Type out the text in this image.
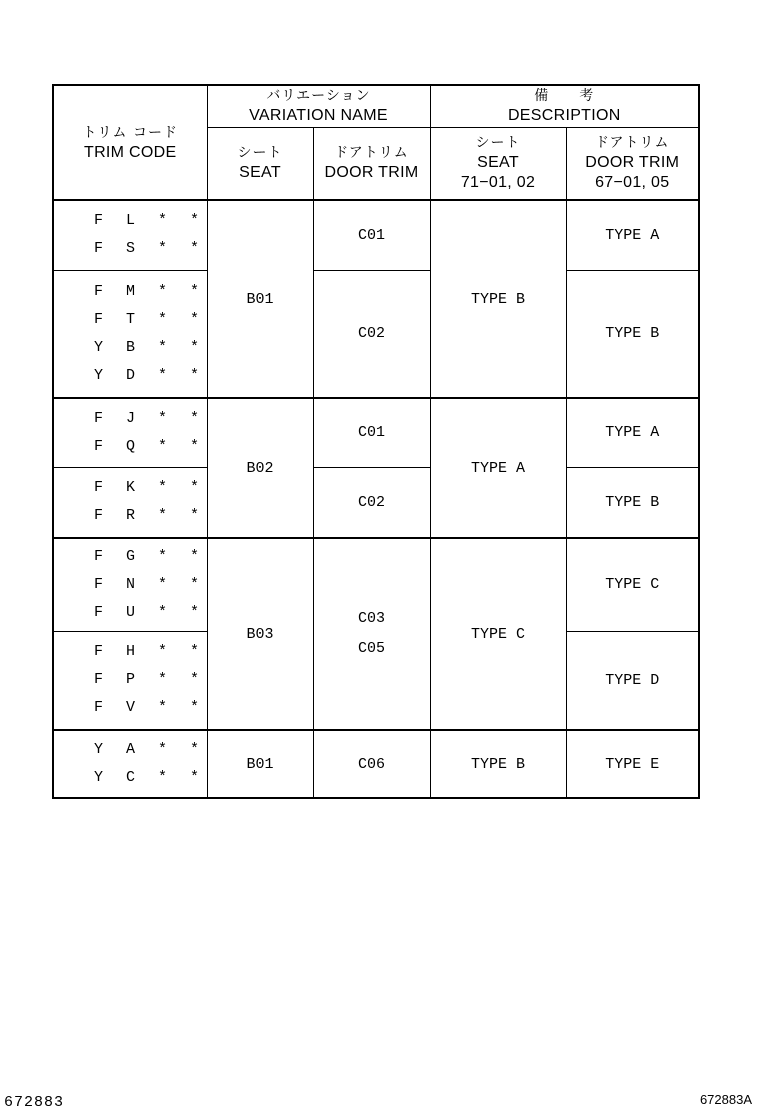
トリム コード
TRIM CODE	バリエーション
VARIATION NAME		備　　考
DESCRIPTION	

	シート
SEAT	ドアトリム
DOOR TRIM	シート
SEAT
71−01, 02	ドアトリム
DOOR TRIM
67−01, 05

F L * *
F S * *	B01	C01	TYPE B	TYPE A

F M * *
F T * *
Y B * *
Y D * *		C02		TYPE B

F J * *
F Q * *	B02	C01	TYPE A	TYPE A

F K * *
F R * *		C02		TYPE B

F G * *
F N * *
F U * *	B03	C03
C05	TYPE C	TYPE C

F H * *
F P * *
F V * *				TYPE D

Y A * *
Y C * *	B01	C06	TYPE B	TYPE E
672883	672883A
